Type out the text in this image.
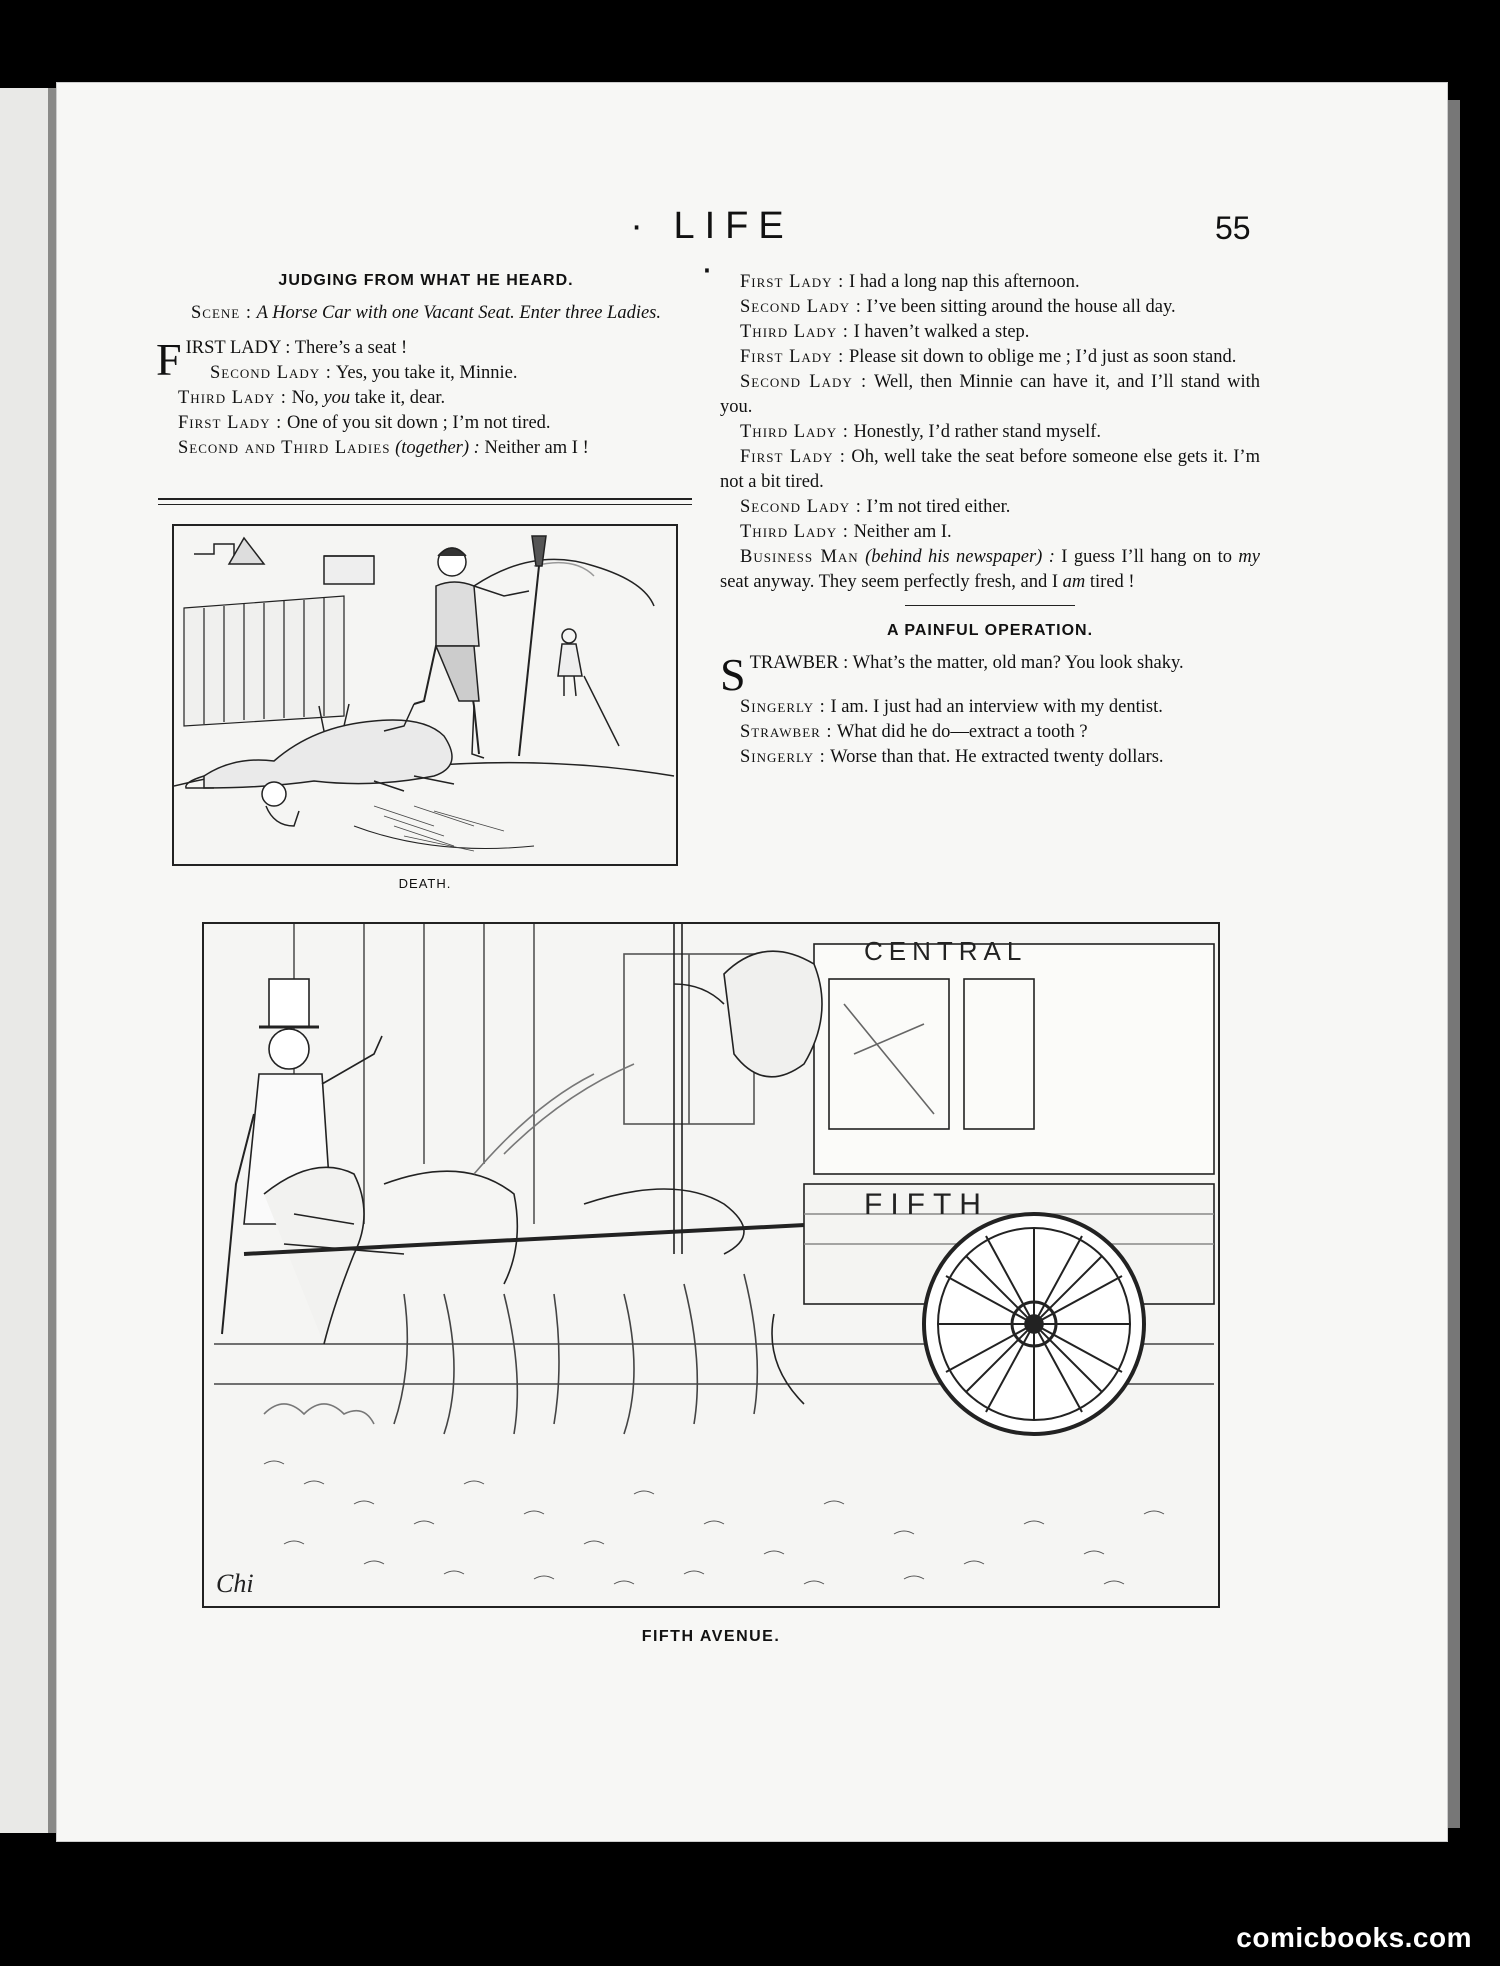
· LIFE ·
55
JUDGING FROM WHAT HE HEARD.

Scene : A Horse Car with one Vacant Seat. Enter three Ladies.

F IRST LADY : There’s a seat !

Second Lady : Yes, you take it, Minnie.

Third Lady : No, you take it, dear.

First Lady : One of you sit down ; I’m not tired.

Second and Third Ladies (together) : Neither am I !

DEATH.

First Lady : I had a long nap this afternoon.

Second Lady : I’ve been sitting around the house all day.

Third Lady : I haven’t walked a step.

First Lady : Please sit down to oblige me ; I’d just as soon stand.

Second Lady : Well, then Minnie can have it, and I’ll stand with you.

Third Lady : Honestly, I’d rather stand myself.

First Lady : Oh, well take the seat before someone else gets it. I’m not a bit tired.

Second Lady : I’m not tired either.

Third Lady : Neither am I.

Business Man (behind his newspaper) : I guess I’ll hang on to my seat anyway. They seem perfectly fresh, and I am tired !

A PAINFUL OPERATION.

S TRAWBER : What’s the matter, old man? You look shaky.

Singerly : I am. I just had an interview with my dentist.

Strawber : What did he do—extract a tooth ?

Singerly : Worse than that. He extracted twenty dollars.

CENTRAL
FIFTH
Chi
FIFTH AVENUE.
comicbooks.com
